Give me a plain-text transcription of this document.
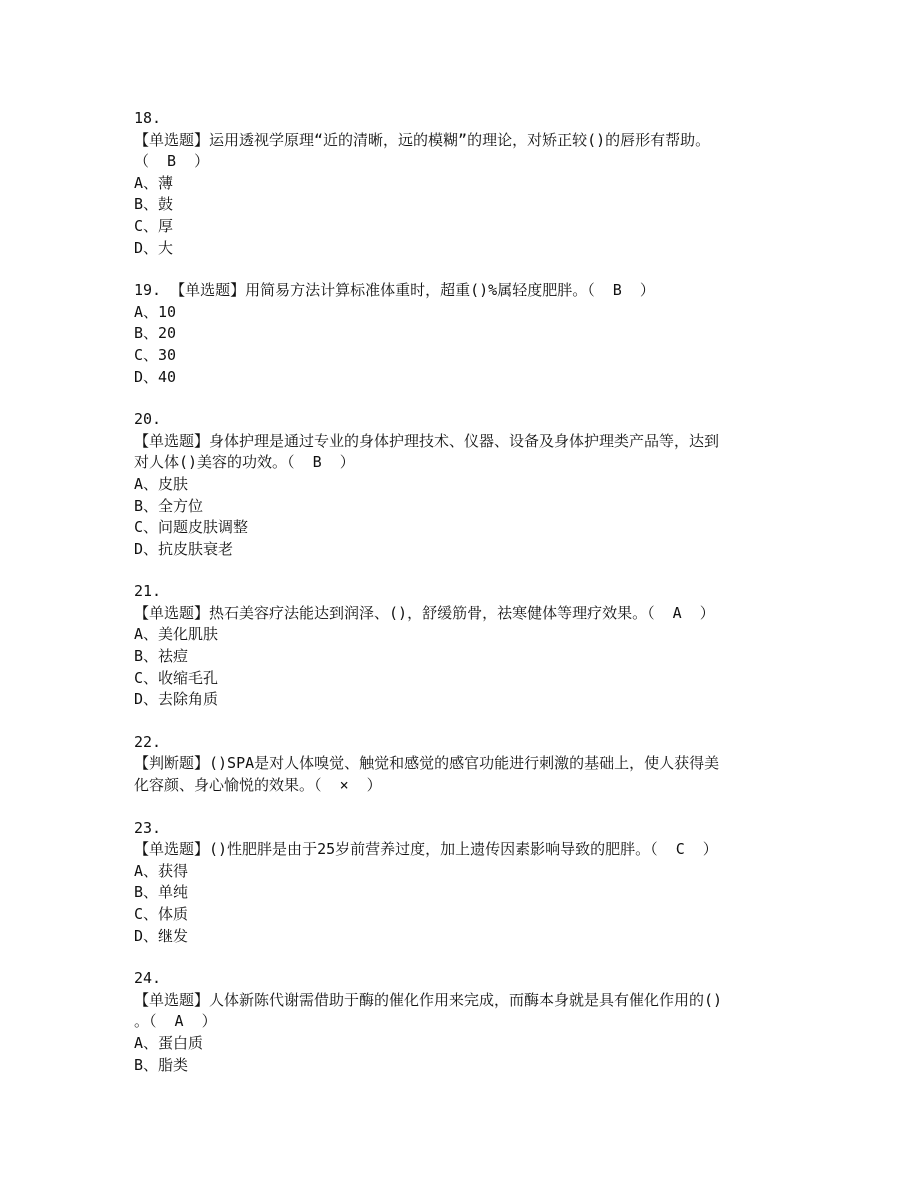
18.
【单选题】运用透视学原理“近的清晰，远的模糊”的理论，对矫正较()的唇形有帮助。
（  B  ）
A、薄
B、鼓
C、厚
D、大
19. 【单选题】用简易方法计算标准体重时，超重()%属轻度肥胖。（  B  ）
A、10
B、20
C、30
D、40
20.
【单选题】身体护理是通过专业的身体护理技术、仪器、设备及身体护理类产品等，达到
对人体()美容的功效。（  B  ）
A、皮肤
B、全方位
C、问题皮肤调整
D、抗皮肤衰老
21.
【单选题】热石美容疗法能达到润泽、()，舒缓筋骨，祛寒健体等理疗效果。（  A  ）
A、美化肌肤
B、祛痘
C、收缩毛孔
D、去除角质
22.
【判断题】()SPA是对人体嗅觉、触觉和感觉的感官功能进行刺激的基础上，使人获得美
化容颜、身心愉悦的效果。（  ×  ）
23.
【单选题】()性肥胖是由于25岁前营养过度，加上遗传因素影响导致的肥胖。（  C  ）
A、获得
B、单纯
C、体质
D、继发
24.
【单选题】人体新陈代谢需借助于酶的催化作用来完成，而酶本身就是具有催化作用的()
。（  A  ）
A、蛋白质
B、脂类
